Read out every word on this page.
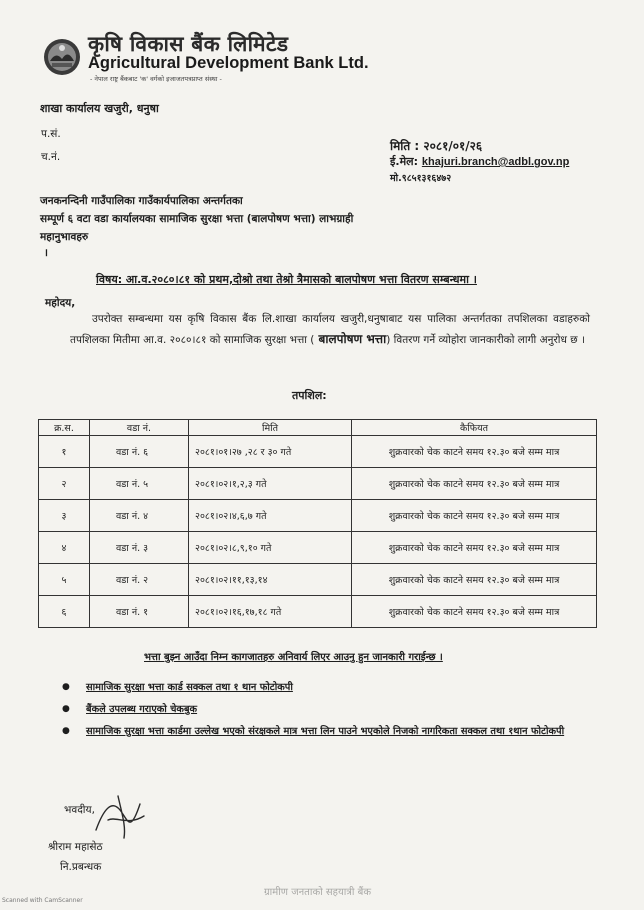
कृषि विकास बैंक लिमिटेड
Agricultural Development Bank Ltd.
- नेपाल राष्ट्र बैंकबाट 'क' वर्गको इजाजतपत्रप्राप्त संस्था -
शाखा कार्यालय खजुरी, धनुषा
प.सं.
च.नं.
मिति : २०८१/०१/२६
ई.मेल: khajuri.branch@adbl.gov.np
मो.९८५१३१६४७२
जनकनन्दिनी गाउँपालिका गाउँकार्यपालिका अन्तर्गतका
सम्पूर्ण ६ वटा वडा कार्यालयका सामाजिक सुरक्षा भत्ता (बालपोषण भत्ता) लाभग्राही
महानुभावहरु
।
विषय: आ.व.२०८०।८१ को प्रथम,दोश्रो तथा तेश्रो त्रैमासको बालपोषण भत्ता वितरण सम्बन्धमा ।
महोदय,
उपरोक्त सम्बन्धमा यस कृषि विकास बैंक लि.शाखा कार्यालय खजुरी,धनुषाबाट यस पालिका अन्तर्गतका तपशिलका वडाहरुको तपशिलका मितीमा आ.व. २०८०।८१ को सामाजिक सुरक्षा भत्ता ( बालपोषण भत्ता) वितरण गर्ने व्योहोरा जानकारीको लागी अनुरोध छ ।
तपशिल:
क्र.स.	वडा नं.	मिति	कैफियत
१	वडा नं. ६	२०८१।०१।२७ ,२८ र ३० गते	शुक्रवारको चेक काटने समय १२.३० बजे सम्म मात्र
२	वडा नं. ५	२०८१।०२।१,२,३ गते	शुक्रवारको चेक काटने समय १२.३० बजे सम्म मात्र
३	वडा नं. ४	२०८१।०२।४,६,७ गते	शुक्रवारको चेक काटने समय १२.३० बजे सम्म मात्र
४	वडा नं. ३	२०८१।०२।८,९,१० गते	शुक्रवारको चेक काटने समय १२.३० बजे सम्म मात्र
५	वडा नं. २	२०८१।०२।११,१३,१४	शुक्रवारको चेक काटने समय १२.३० बजे सम्म मात्र
६	वडा नं. १	२०८१।०२।१६,१७,१८ गते	शुक्रवारको चेक काटने समय १२.३० बजे सम्म मात्र
भत्ता बुझ्न आउँदा निम्न कागजातहरु अनिवार्य लिएर आउनु हुन जानकारी गराईन्छ ।
● सामाजिक सुरक्षा भत्ता कार्ड सक्कल तथा १ थान फोटोकपी
● बैंकले उपलब्ध गराएको चेकबुक
● सामाजिक सुरक्षा भत्ता कार्डमा उल्लेख भएको संरक्षकले मात्र भत्ता लिन पाउने भएकोले निजको नागरिकता सक्कल तथा १थान फोटोकपी
भवदीय,
श्रीराम महासेठ
नि.प्रबन्धक
ग्रामीण जनताको सहयात्री बैंक
Scanned with CamScanner
